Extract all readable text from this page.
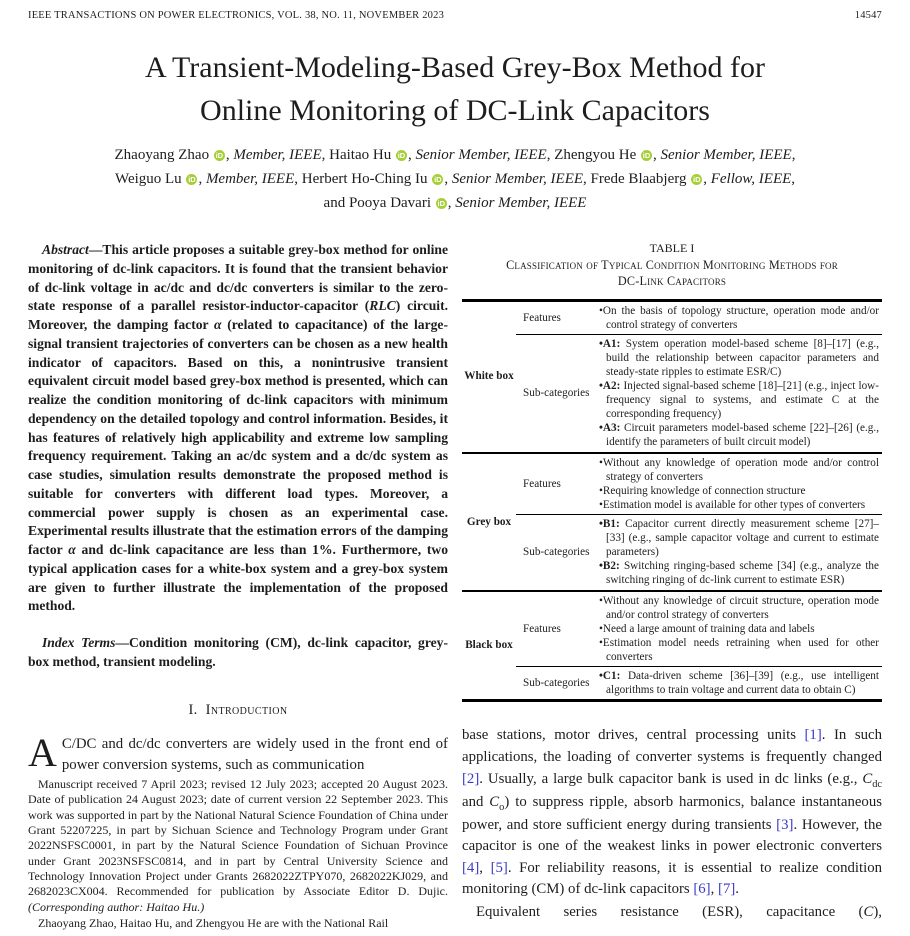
IEEE TRANSACTIONS ON POWER ELECTRONICS, VOL. 38, NO. 11, NOVEMBER 2023	14547
A Transient-Modeling-Based Grey-Box Method for
Online Monitoring of DC-Link Capacitors
Zhaoyang Zhao iD , Member, IEEE, Haitao Hu iD , Senior Member, IEEE, Zhengyou He iD , Senior Member, IEEE,
Weiguo Lu iD , Member, IEEE, Herbert Ho-Ching Iu iD , Senior Member, IEEE, Frede Blaabjerg iD , Fellow, IEEE,
and Pooya Davari iD , Senior Member, IEEE

Abstract—This article proposes a suitable grey-box method for online monitoring of dc-link capacitors. It is found that the transient behavior of dc-link voltage in ac/dc and dc/dc converters is similar to the zero-state response of a parallel resistor-inductor-capacitor (RLC) circuit. Moreover, the damping factor α (related to capacitance) of the large-signal transient trajectories of converters can be chosen as a new health indicator of capacitors. Based on this, a nonintrusive transient equivalent circuit model based grey-box method is presented, which can realize the condition monitoring of dc-link capacitors with minimum dependency on the detailed topology and control information. Besides, it has features of relatively high applicability and extreme low sampling frequency requirement. Taking an ac/dc system and a dc/dc system as case studies, simulation results demonstrate the proposed method is suitable for converters with different load types. Moreover, a commercial power supply is chosen as an experimental case. Experimental results illustrate that the estimation errors of the damping factor α and dc-link capacitance are less than 1%. Furthermore, two typical application cases for a white-box system and a grey-box system are given to further illustrate the implementation of the proposed method.

Index Terms—Condition monitoring (CM), dc-link capacitor, grey-box method, transient modeling.

I. Introduction

A C/DC and dc/dc converters are widely used in the front end of power conversion systems, such as communication

Manuscript received 7 April 2023; revised 12 July 2023; accepted 20 August 2023. Date of publication 24 August 2023; date of current version 22 September 2023. This work was supported in part by the National Natural Science Foundation of China under Grant 52207225, in part by Sichuan Science and Technology Program under Grant 2022NSFSC0001, in part by the Natural Science Foundation of Sichuan Province under Grant 2023NSFSC0814, and in part by Central University Science and Technology Innovation Project under Grants 2682022ZTPY070, 2682022KJ029, and 2682023CX004. Recommended for publication by Associate Editor D. Dujic. (Corresponding author: Haitao Hu.)
Zhaoyang Zhao, Haitao Hu, and Zhengyou He are with the National Rail
TABLE I
Classification of Typical Condition Monitoring Methods for DC-Link Capacitors
White box	Features	•On the basis of topology structure, operation mode and/or control strategy of converters

	Sub-categories	•A1: System operation model-based scheme [8]–[17] (e.g., build the relationship between capacitor parameters and steady-state ripples to estimate ESR/C)
•A2: Injected signal-based scheme [18]–[21] (e.g., inject low-frequency signal to systems, and estimate C at the corresponding frequency)
•A3: Circuit parameters model-based scheme [22]–[26] (e.g., identify the parameters of built circuit model)

Grey box	Features	•Without any knowledge of operation mode and/or control strategy of converters
•Requiring knowledge of connection structure
•Estimation model is available for other types of converters

	Sub-categories	•B1: Capacitor current directly measurement scheme [27]–[33] (e.g., sample capacitor voltage and current to estimate parameters)
•B2: Switching ringing-based scheme [34] (e.g., analyze the switching ringing of dc-link current to estimate ESR)

Black box	Features	•Without any knowledge of circuit structure, operation mode and/or control strategy of converters
•Need a large amount of training data and labels
•Estimation model needs retraining when used for other converters

	Sub-categories	•C1: Data-driven scheme [36]–[39] (e.g., use intelligent algorithms to train voltage and current data to obtain C)

base stations, motor drives, central processing units [1]. In such applications, the loading of converter systems is frequently changed [2]. Usually, a large bulk capacitor bank is used in dc links (e.g., $C_{dc}$ and $C_o$) to suppress ripple, absorb harmonics, balance instantaneous power, and store sufficient energy during transients [3]. However, the capacitor is one of the weakest links in power electronic converters [4], [5]. For reliability reasons, it is essential to realize condition monitoring (CM) of dc-link capacitors [6], [7].

Equivalent series resistance (ESR), capacitance (C),
